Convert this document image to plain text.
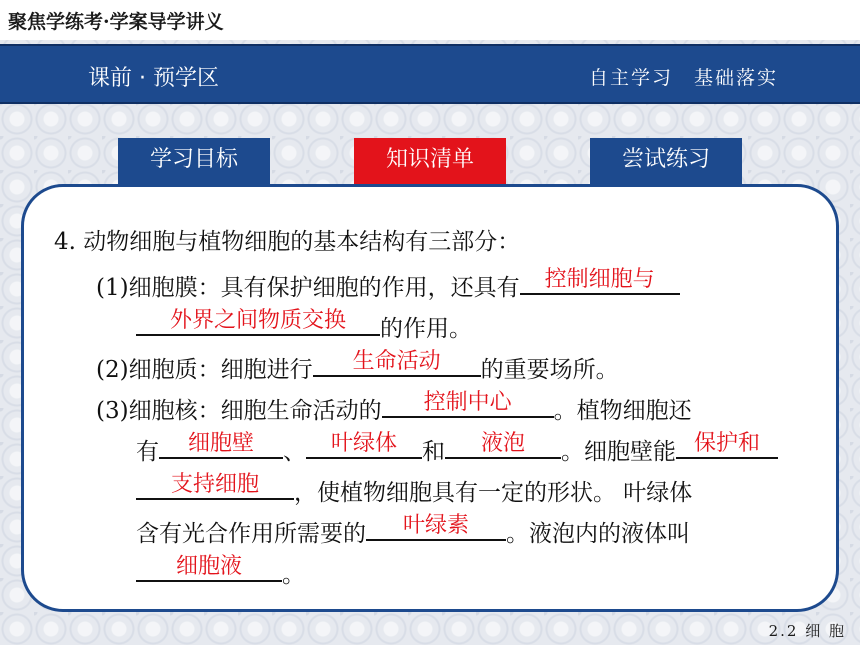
聚焦学练考·学案导学讲义
课前 · 预学区	自主学习　基础落实
学习目标	知识清单	尝试练习
4. 动物细胞与植物细胞的基本结构有三部分：
(1)细胞膜：具有保护细胞的作用，还具有 控制细胞与
外界之间物质交换 的作用。
(2)细胞质：细胞进行 生命活动 的重要场所。
(3)细胞核：细胞生命活动的 控制中心 。植物细胞还
有 细胞壁 、 叶绿体 和 液泡 。细胞壁能 保护和
支持细胞 ，使植物细胞具有一定的形状。 叶绿体
含有光合作用所需要的 叶绿素 。液泡内的液体叫
细胞液 。
2.2 细 胞
